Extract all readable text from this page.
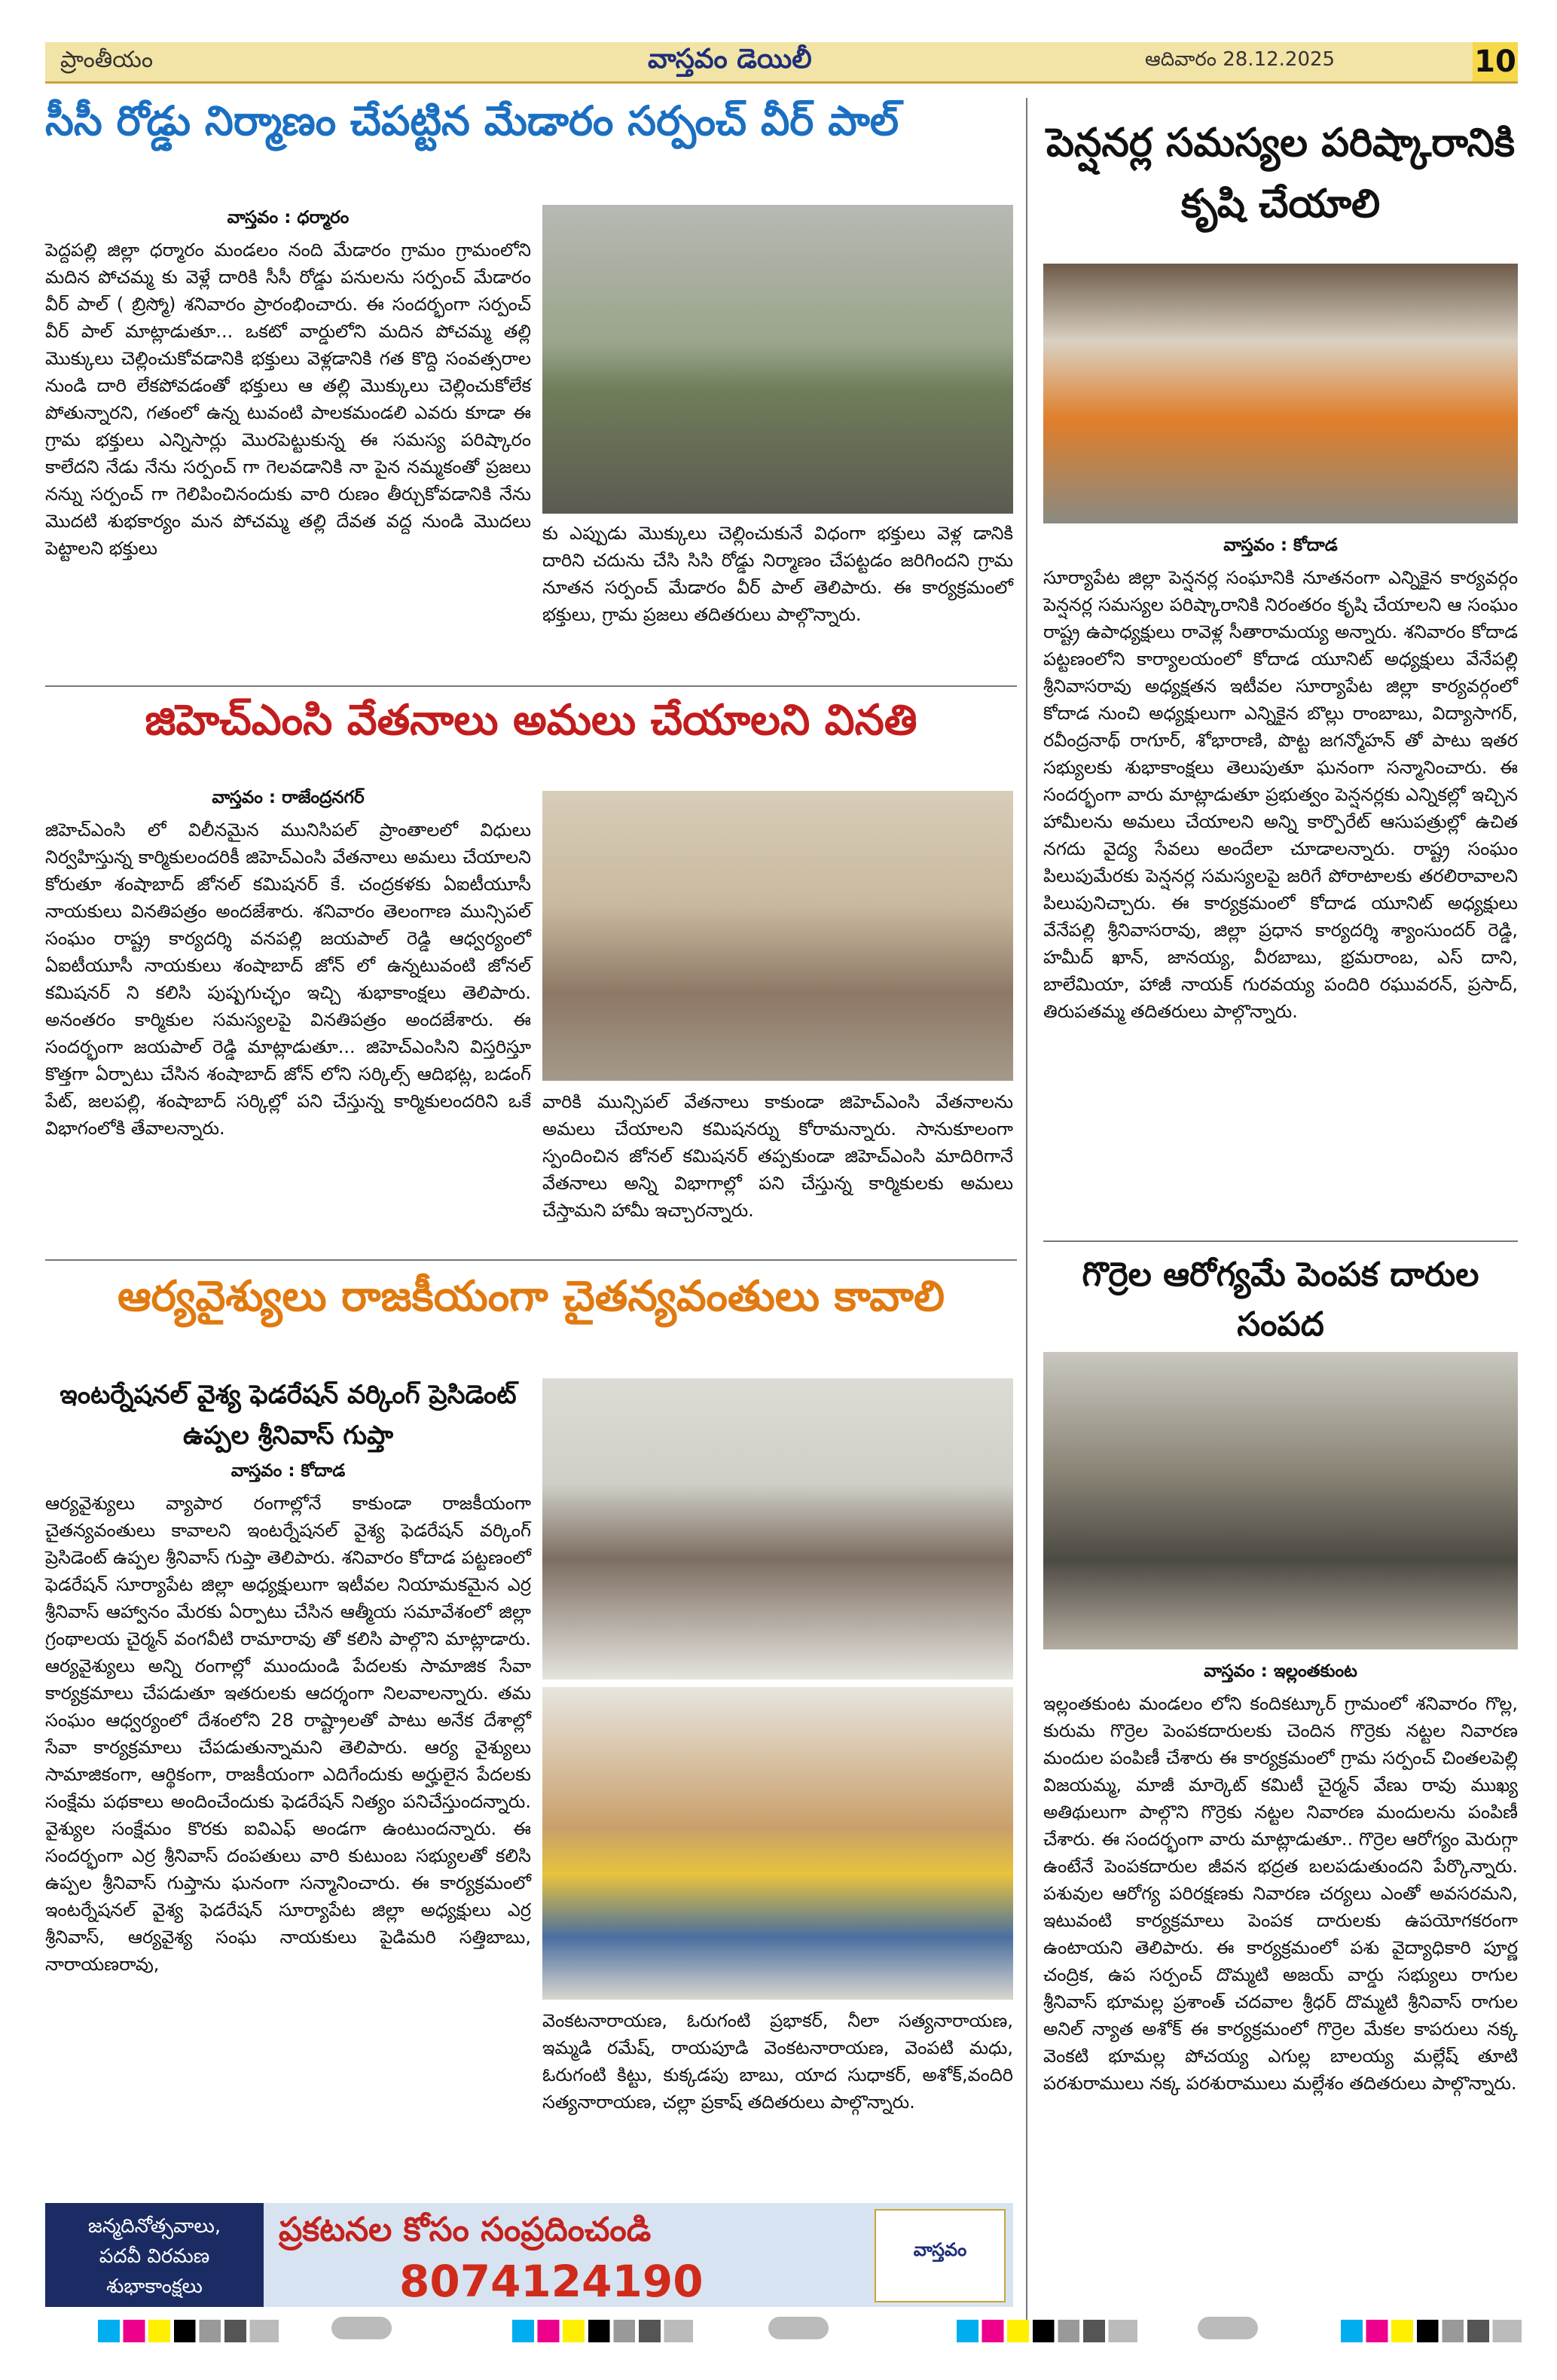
ప్రాంతీయం	వాస్తవం డెయిలీ	ఆదివారం 28.12.2025	10
సీసీ రోడ్డు నిర్మాణం చేపట్టిన మేడారం సర్పంచ్ వీర్ పాల్
వాస్తవం : ధర్మారం
పెద్దపల్లి జిల్లా ధర్మారం మండలం నంది మేడారం గ్రామం గ్రామంలోని మదిన పోచమ్మ కు వెళ్లే దారికి సీసీ రోడ్డు పనులను సర్పంచ్ మేడారం వీర్ పాల్ ( బ్రిస్మో) శనివారం ప్రారంభించారు. ఈ సందర్భంగా సర్పంచ్ వీర్ పాల్ మాట్లాడుతూ... ఒకటో వార్డులోని మదిన పోచమ్మ తల్లి మొక్కులు చెల్లించుకోవడానికి భక్తులు వెళ్లడానికి గత కొద్ది సంవత్సరాల నుండి దారి లేకపోవడంతో భక్తులు ఆ తల్లి మొక్కులు చెల్లించుకోలేక పోతున్నారని, గతంలో ఉన్న టువంటి పాలకమండలి ఎవరు కూడా ఈ గ్రామ భక్తులు ఎన్నిసార్లు మొరపెట్టుకున్న ఈ సమస్య పరిష్కారం కాలేదని నేడు నేను సర్పంచ్ గా గెలవడానికి నా పైన నమ్మకంతో ప్రజలు నన్ను సర్పంచ్ గా గెలిపించినందుకు వారి రుణం తీర్చుకోవడానికి నేను మొదటి శుభకార్యం మన పోచమ్మ తల్లి దేవత వద్ద నుండి మొదలు పెట్టాలని భక్తులు
కు ఎప్పుడు మొక్కులు చెల్లించుకునే విధంగా భక్తులు వెళ్ల డానికి దారిని చదును చేసి సిసి రోడ్డు నిర్మాణం చేపట్టడం జరిగిందని గ్రామ నూతన సర్పంచ్ మేడారం వీర్ పాల్ తెలిపారు. ఈ కార్యక్రమంలో భక్తులు, గ్రామ ప్రజలు తదితరులు పాల్గొన్నారు.
జిహెచ్ఎంసి వేతనాలు అమలు చేయాలని వినతి
వాస్తవం : రాజేంద్రనగర్
జిహెచ్ఎంసి లో విలీనమైన మునిసిపల్ ప్రాంతాలలో విధులు నిర్వహిస్తున్న కార్మికులందరికీ జిహెచ్ఎంసి వేతనాలు అమలు చేయాలని కోరుతూ శంషాబాద్ జోనల్ కమిషనర్ కే. చంద్రకళకు ఏఐటీయూసీ నాయకులు వినతిపత్రం అందజేశారు. శనివారం తెలంగాణ మున్సిపల్ సంఘం రాష్ట్ర కార్యదర్శి వనపల్లి జయపాల్ రెడ్డి ఆధ్వర్యంలో ఏఐటీయూసీ నాయకులు శంషాబాద్ జోన్ లో ఉన్నటువంటి జోనల్ కమిషనర్ ని కలిసి పుష్పగుచ్ఛం ఇచ్చి శుభాకాంక్షలు తెలిపారు. అనంతరం కార్మికుల సమస్యలపై వినతిపత్రం అందజేశారు. ఈ సందర్భంగా జయపాల్ రెడ్డి మాట్లాడుతూ... జిహెచ్ఎంసిని విస్తరిస్తూ కొత్తగా ఏర్పాటు చేసిన శంషాబాద్ జోన్ లోని సర్కిల్స్ ఆదిభట్ల, బడంగ్ పేట్, జలపల్లి, శంషాబాద్ సర్కిల్లో పని చేస్తున్న కార్మికులందరిని ఒకే విభాగంలోకి తేవాలన్నారు.
వారికి మున్సిపల్ వేతనాలు కాకుండా జిహెచ్ఎంసి వేతనాలను అమలు చేయాలని కమిషనర్ను కోరామన్నారు. సానుకూలంగా స్పందించిన జోనల్ కమిషనర్ తప్పకుండా జిహెచ్ఎంసి మాదిరిగానే వేతనాలు అన్ని విభాగాల్లో పని చేస్తున్న కార్మికులకు అమలు చేస్తామని హామీ ఇచ్చారన్నారు.
ఆర్యవైశ్యులు రాజకీయంగా చైతన్యవంతులు కావాలి
ఇంటర్నేషనల్ వైశ్య ఫెడరేషన్ వర్కింగ్ ప్రెసిడెంట్ ఉప్పల శ్రీనివాస్ గుప్తా
వాస్తవం : కోదాడ
ఆర్యవైశ్యులు వ్యాపార రంగాల్లోనే కాకుండా రాజకీయంగా చైతన్యవంతులు కావాలని ఇంటర్నేషనల్ వైశ్య ఫెడరేషన్ వర్కింగ్ ప్రెసిడెంట్ ఉప్పల శ్రీనివాస్ గుప్తా తెలిపారు. శనివారం కోదాడ పట్టణంలో ఫెడరేషన్ సూర్యాపేట జిల్లా అధ్యక్షులుగా ఇటీవల నియామకమైన ఎర్ర శ్రీనివాస్ ఆహ్వానం మేరకు ఏర్పాటు చేసిన ఆత్మీయ సమావేశంలో జిల్లా గ్రంథాలయ చైర్మన్ వంగవీటి రామారావు తో కలిసి పాల్గొని మాట్లాడారు. ఆర్యవైశ్యులు అన్ని రంగాల్లో ముందుండి పేదలకు సామాజిక సేవా కార్యక్రమాలు చేపడుతూ ఇతరులకు ఆదర్శంగా నిలవాలన్నారు. తమ సంఘం ఆధ్వర్యంలో దేశంలోని 28 రాష్ట్రాలతో పాటు అనేక దేశాల్లో సేవా కార్యక్రమాలు చేపడుతున్నామని తెలిపారు. ఆర్య వైశ్యులు సామాజికంగా, ఆర్థికంగా, రాజకీయంగా ఎదిగేందుకు అర్హులైన పేదలకు సంక్షేమ పథకాలు అందించేందుకు ఫెడరేషన్ నిత్యం పనిచేస్తుందన్నారు. వైశ్యుల సంక్షేమం కొరకు ఐవిఎఫ్ అండగా ఉంటుందన్నారు. ఈ సందర్భంగా ఎర్ర శ్రీనివాస్ దంపతులు వారి కుటుంబ సభ్యులతో కలిసి ఉప్పల శ్రీనివాస్ గుప్తాను ఘనంగా సన్మానించారు. ఈ కార్యక్రమంలో ఇంటర్నేషనల్ వైశ్య ఫెడరేషన్ సూర్యాపేట జిల్లా అధ్యక్షులు ఎర్ర శ్రీనివాస్, ఆర్యవైశ్య సంఘ నాయకులు పైడిమరి సత్తిబాబు, నారాయణరావు,
వెంకటనారాయణ, ఓరుగంటి ప్రభాకర్, నీలా సత్యనారాయణ, ఇమ్మడి రమేష్, రాయపూడి వెంకటనారాయణ, వెంపటి మధు, ఓరుగంటి కిట్టు, కుక్కడపు బాబు, యాద సుధాకర్, అశోక్,వందిరి సత్యనారాయణ, చల్లా ప్రకాష్ తదితరులు పాల్గొన్నారు.
పెన్షనర్ల సమస్యల పరిష్కారానికి కృషి చేయాలి
వాస్తవం : కోదాడ
సూర్యాపేట జిల్లా పెన్షనర్ల సంఘానికి నూతనంగా ఎన్నికైన కార్యవర్గం పెన్షనర్ల సమస్యల పరిష్కారానికి నిరంతరం కృషి చేయాలని ఆ సంఘం రాష్ట్ర ఉపాధ్యక్షులు రావెళ్ల సీతారామయ్య అన్నారు. శనివారం కోదాడ పట్టణంలోని కార్యాలయంలో కోదాడ యూనిట్ అధ్యక్షులు వేనేపల్లి శ్రీనివాసరావు అధ్యక్షతన ఇటీవల సూర్యాపేట జిల్లా కార్యవర్గంలో కోదాడ నుంచి అధ్యక్షులుగా ఎన్నికైన బొల్లు రాంబాబు, విద్యాసాగర్, రవీంద్రనాథ్ రాగూర్, శోభారాణి, పొట్ట జగన్మోహన్ తో పాటు ఇతర సభ్యులకు శుభాకాంక్షలు తెలుపుతూ ఘనంగా సన్మానించారు. ఈ సందర్భంగా వారు మాట్లాడుతూ ప్రభుత్వం పెన్షనర్లకు ఎన్నికల్లో ఇచ్చిన హామీలను అమలు చేయాలని అన్ని కార్పొరేట్ ఆసుపత్రుల్లో ఉచిత నగదు వైద్య సేవలు అందేలా చూడాలన్నారు. రాష్ట్ర సంఘం పిలుపుమేరకు పెన్షనర్ల సమస్యలపై జరిగే పోరాటాలకు తరలిరావాలని పిలుపునిచ్చారు. ఈ కార్యక్రమంలో కోదాడ యూనిట్ అధ్యక్షులు వేనేపల్లి శ్రీనివాసరావు, జిల్లా ప్రధాన కార్యదర్శి శ్యాంసుందర్ రెడ్డి, హమీద్ ఖాన్, జానయ్య, వీరబాబు, భ్రమరాంబ, ఎస్ దాని, బాలేమియా, హాజీ నాయక్ గురవయ్య పందిరి రఘువరన్, ప్రసాద్, తిరుపతమ్మ తదితరులు పాల్గొన్నారు.
గొర్రెల ఆరోగ్యమే పెంపక దారుల సంపద
వాస్తవం : ఇల్లంతకుంట
ఇల్లంతకుంట మండలం లోని కందికట్కూర్ గ్రామంలో శనివారం గొల్ల, కురుమ గొర్రెల పెంపకదారులకు చెందిన గొర్రెకు నట్టల నివారణ మందుల పంపిణీ చేశారు ఈ కార్యక్రమంలో గ్రామ సర్పంచ్ చింతలపెల్లి విజయమ్మ, మాజీ మార్కెట్ కమిటీ చైర్మన్ వేణు రావు ముఖ్య అతిథులుగా పాల్గొని గొర్రెకు నట్టల నివారణ మందులను పంపిణీ చేశారు. ఈ సందర్భంగా వారు మాట్లాడుతూ.. గొర్రెల ఆరోగ్యం మెరుగ్గా ఉంటేనే పెంపకదారుల జీవన భద్రత బలపడుతుందని పేర్కొన్నారు. పశువుల ఆరోగ్య పరిరక్షణకు నివారణ చర్యలు ఎంతో అవసరమని, ఇటువంటి కార్యక్రమాలు పెంపక దారులకు ఉపయోగకరంగా ఉంటాయని తెలిపారు. ఈ కార్యక్రమంలో పశు వైద్యాధికారి పూర్ణ చంద్రిక, ఉప సర్పంచ్ దొమ్మటి అజయ్ వార్డు సభ్యులు రాగుల శ్రీనివాస్ భూమల్ల ప్రశాంత్ చదవాల శ్రీధర్ దొమ్మటి శ్రీనివాస్ రాగుల అనిల్ న్యాత అశోక్ ఈ కార్యక్రమంలో గొర్రెల మేకల కాపరులు నక్క వెంకటి భూమల్ల పోచయ్య ఎగుల్ల బాలయ్య మల్లేష్ తూటి పరశురాములు నక్క పరశురాములు మల్లేశం తదితరులు పాల్గొన్నారు.
జన్మదినోత్సవాలు,
పదవీ విరమణ
శుభాకాంక్షలు
ప్రకటనల కోసం సంప్రదించండి
8074124190
వాస్తవం
